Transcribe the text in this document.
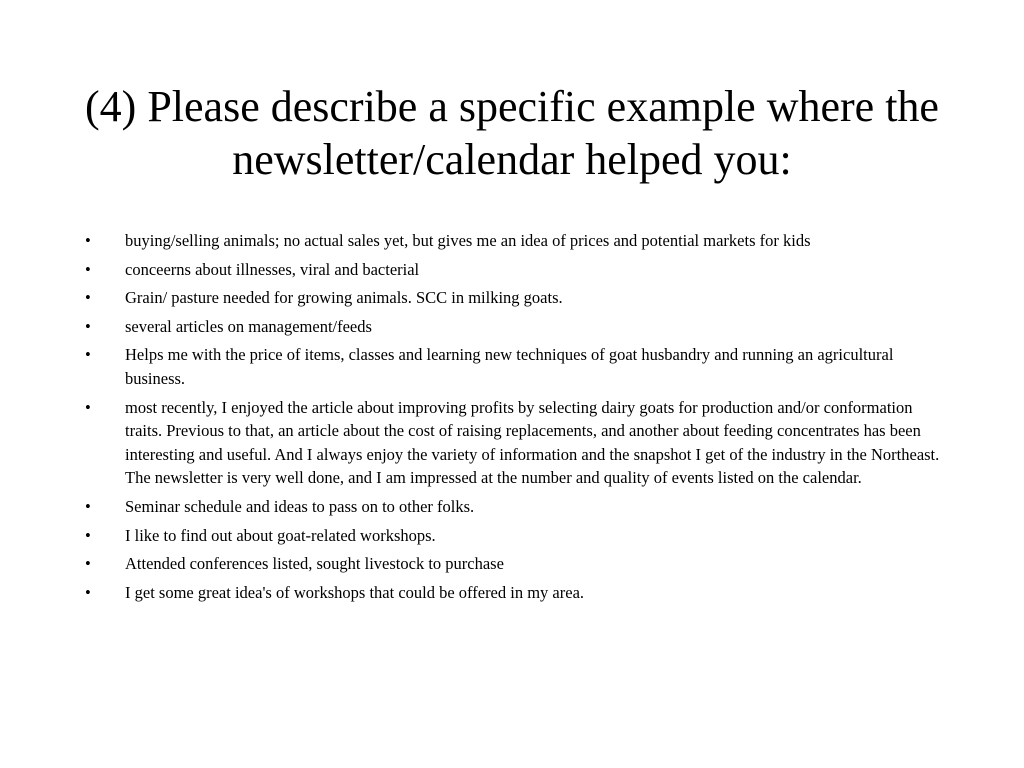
(4) Please describe a specific example where the newsletter/calendar helped you:
•	buying/selling animals; no actual sales yet, but gives me an idea of prices and potential markets for kids
•	conceerns about illnesses, viral and bacterial
•	Grain/ pasture needed for growing animals. SCC in milking goats.
•	several articles on management/feeds
•	Helps me with the price of items, classes and learning new techniques of goat husbandry and running an agricultural business.
•	most recently, I enjoyed the article about improving profits by selecting dairy goats for production and/or conformation traits. Previous to that, an article about the cost of raising replacements, and another about feeding concentrates has been interesting and useful. And I always enjoy the variety of information and the snapshot I get of the industry in the Northeast. The newsletter is very well done, and I am impressed at the number and quality of events listed on the calendar.
•	Seminar schedule and ideas to pass on to other folks.
•	I like to find out about goat-related workshops.
•	Attended conferences listed, sought livestock to purchase
•	I get some great idea's of workshops that could be offered in my area.
